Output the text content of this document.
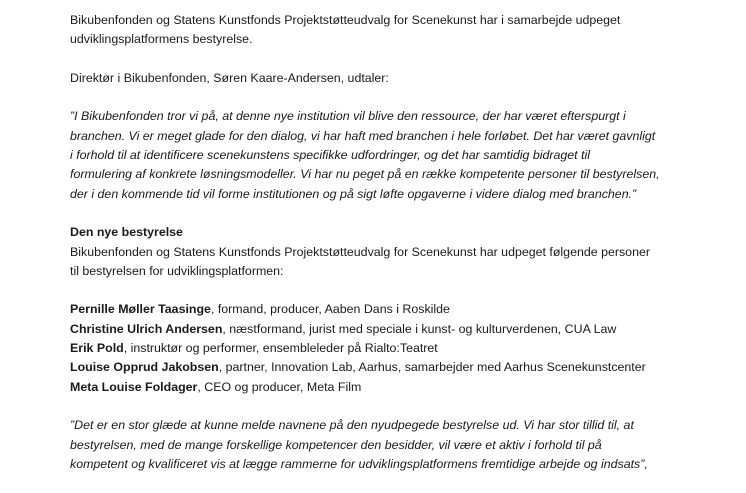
Bikubenfonden og Statens Kunstfonds Projektstøtteudvalg for Scenekunst har i samarbejde udpeget
udviklingsplatformens bestyrelse.
Direktør i Bikubenfonden, Søren Kaare-Andersen, udtaler:
”I Bikubenfonden tror vi på, at denne nye institution vil blive den ressource, der har været efterspurgt i
branchen. Vi er meget glade for den dialog, vi har haft med branchen i hele forløbet. Det har været gavnligt
i forhold til at identificere scenekunstens specifikke udfordringer, og det har samtidig bidraget til
formulering af konkrete løsningsmodeller. Vi har nu peget på en række kompetente personer til bestyrelsen,
der i den kommende tid vil forme institutionen og på sigt løfte opgaverne i videre dialog med branchen.”
Den nye bestyrelse
Bikubenfonden og Statens Kunstfonds Projektstøtteudvalg for Scenekunst har udpeget følgende personer
til bestyrelsen for udviklingsplatformen:
Pernille Møller Taasinge, formand, producer, Aaben Dans i Roskilde
Christine Ulrich Andersen, næstformand, jurist med speciale i kunst- og kulturverdenen, CUA Law
Erik Pold, instruktør og performer, ensembleleder på Rialto:Teatret
Louise Opprud Jakobsen, partner, Innovation Lab, Aarhus, samarbejder med Aarhus Scenekunstcenter
Meta Louise Foldager, CEO og producer, Meta Film
”Det er en stor glæde at kunne melde navnene på den nyudpegede bestyrelse ud. Vi har stor tillid til, at
bestyrelsen, med de mange forskellige kompetencer den besidder, vil være et aktiv i forhold til på
kompetent og kvalificeret vis at lægge rammerne for udviklingsplatformens fremtidige arbejde og indsats”,
